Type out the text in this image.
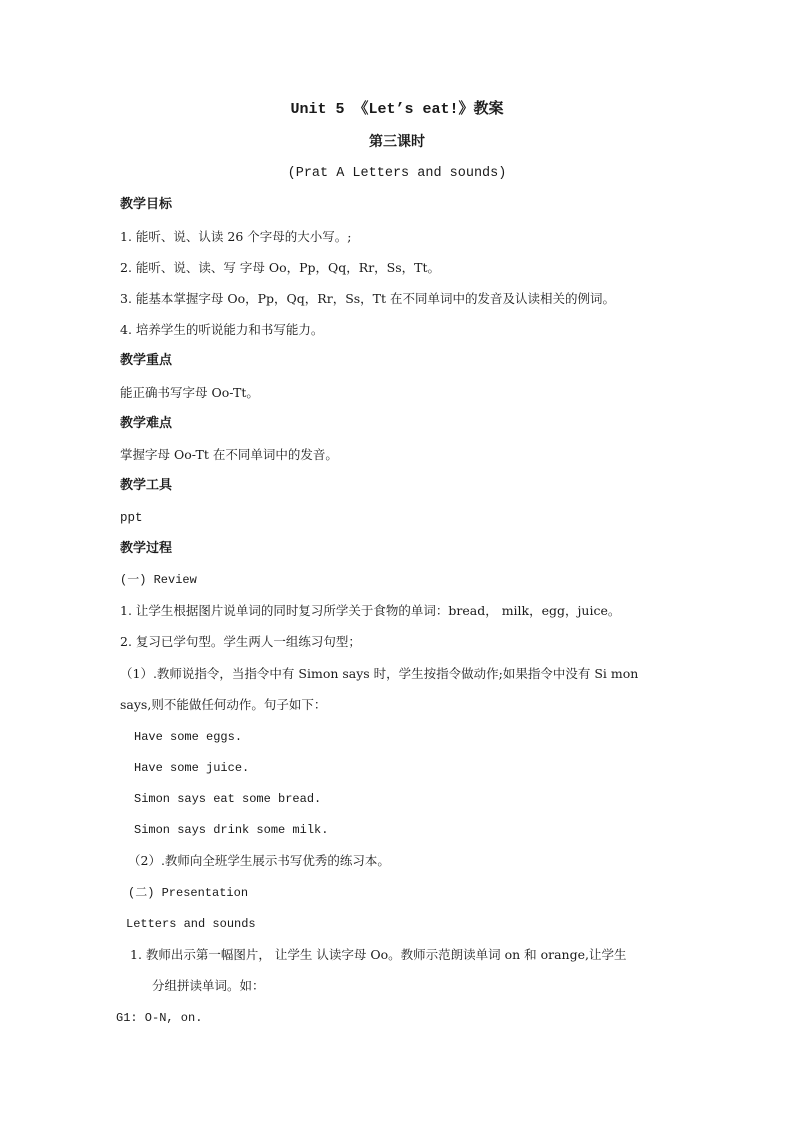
Unit 5 《Let’s eat!》教案
第三课时
(Prat A Letters and sounds)
教学目标
1. 能听、说、认读 26 个字母的大小写。;
2. 能听、说、读、写 字母 Oo，Pp，Qq，Rr，Ss，Tt。
3. 能基本掌握字母 Oo，Pp，Qq，Rr，Ss，Tt 在不同单词中的发音及认读相关的例词。
4. 培养学生的听说能力和书写能力。
教学重点
能正确书写字母 Oo-Tt。
教学难点
掌握字母 Oo-Tt 在不同单词中的发音。
教学工具
ppt
教学过程
(一) Review
1. 让学生根据图片说单词的同时复习所学关于食物的单词：bread， milk，egg，juice。
2. 复习已学句型。学生两人一组练习句型；
（1）.教师说指令，当指令中有 Simon says 时，学生按指令做动作;如果指令中没有 Si mon
says,则不能做任何动作。句子如下：
Have some eggs.
Have some juice.
Simon says eat some bread.
Simon says drink some milk.
（2）.教师向全班学生展示书写优秀的练习本。
(二) Presentation
Letters and sounds
1. 教师出示第一幅图片， 让学生 认读字母 Oo。教师示范朗读单词 on 和 orange,让学生
分组拼读单词。如：
G1: O-N, on.
